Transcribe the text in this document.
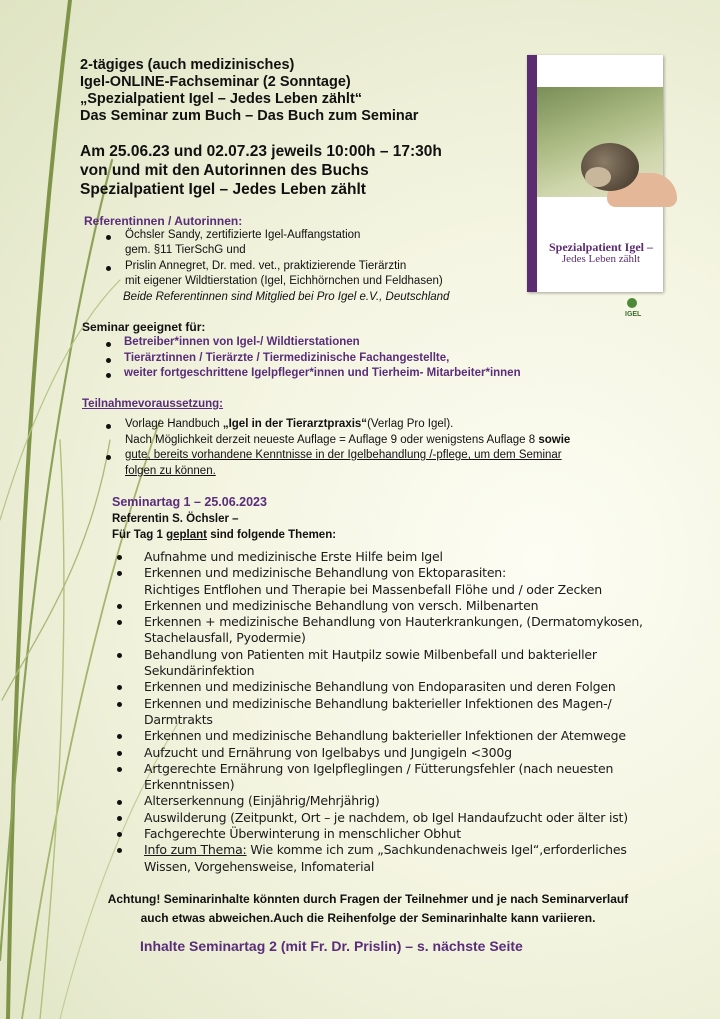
2-tägiges (auch medizinisches)
Igel-ONLINE-Fachseminar (2 Sonntage)
„Spezialpatient Igel – Jedes Leben zählt“
Das Seminar zum Buch – Das Buch zum Seminar
Am 25.06.23 und 02.07.23 jeweils 10:00h – 17:30h
von und mit den Autorinnen des Buchs
Spezialpatient Igel – Jedes Leben zählt
Spezialpatient Igel –
Jedes Leben zählt
IGEL
Referentinnen / Autorinnen:
Öchsler Sandy, zertifizierte Igel-Auffangstation
gem. §11 TierSchG und
Prislin Annegret, Dr. med. vet., praktizierende Tierärztin
mit eigener Wildtierstation (Igel, Eichhörnchen und Feldhasen)
Beide Referentinnen sind Mitglied bei Pro Igel e.V., Deutschland
Seminar geeignet für:
Betreiber*innen von Igel-/ Wildtierstationen
Tierärztinnen / Tierärzte / Tiermedizinische Fachangestellte,
weiter fortgeschrittene Igelpfleger*innen und Tierheim- Mitarbeiter*innen
Teilnahmevoraussetzung:
Vorlage Handbuch „Igel in der Tierarztpraxis“(Verlag Pro Igel).
Nach Möglichkeit derzeit neueste Auflage = Auflage 9 oder wenigstens Auflage 8 sowie
gute, bereits vorhandene Kenntnisse in der Igelbehandlung /-pflege, um dem Seminar
folgen zu können.
Seminartag 1 – 25.06.2023
Referentin S. Öchsler –
Für Tag 1 geplant sind folgende Themen:
Aufnahme und medizinische Erste Hilfe beim Igel
Erkennen und medizinische Behandlung von Ektoparasiten:
Richtiges Entflohen und Therapie bei Massenbefall Flöhe und / oder Zecken
Erkennen und medizinische Behandlung von versch. Milbenarten
Erkennen + medizinische Behandlung von Hauterkrankungen, (Dermatomykosen,
Stachelausfall, Pyodermie)
Behandlung von Patienten mit Hautpilz sowie Milbenbefall und bakterieller
Sekundärinfektion
Erkennen und medizinische Behandlung von Endoparasiten und deren Folgen
Erkennen und medizinische Behandlung bakterieller Infektionen des Magen-/
Darmtrakts
Erkennen und medizinische Behandlung bakterieller Infektionen der Atemwege
Aufzucht und Ernährung von Igelbabys und Jungigeln <300g
Artgerechte Ernährung von Igelpfleglingen / Fütterungsfehler (nach neuesten
Erkenntnissen)
Alterserkennung (Einjährig/Mehrjährig)
Auswilderung (Zeitpunkt, Ort – je nachdem, ob Igel Handaufzucht oder älter ist)
Fachgerechte Überwinterung in menschlicher Obhut
Info zum Thema: Wie komme ich zum „Sachkundenachweis Igel“,erforderliches
Wissen, Vorgehensweise, Infomaterial
Achtung! Seminarinhalte könnten durch Fragen der Teilnehmer und je nach Seminarverlauf
auch etwas abweichen.Auch die Reihenfolge der Seminarinhalte kann variieren.
Inhalte Seminartag 2 (mit Fr. Dr. Prislin) – s. nächste Seite
